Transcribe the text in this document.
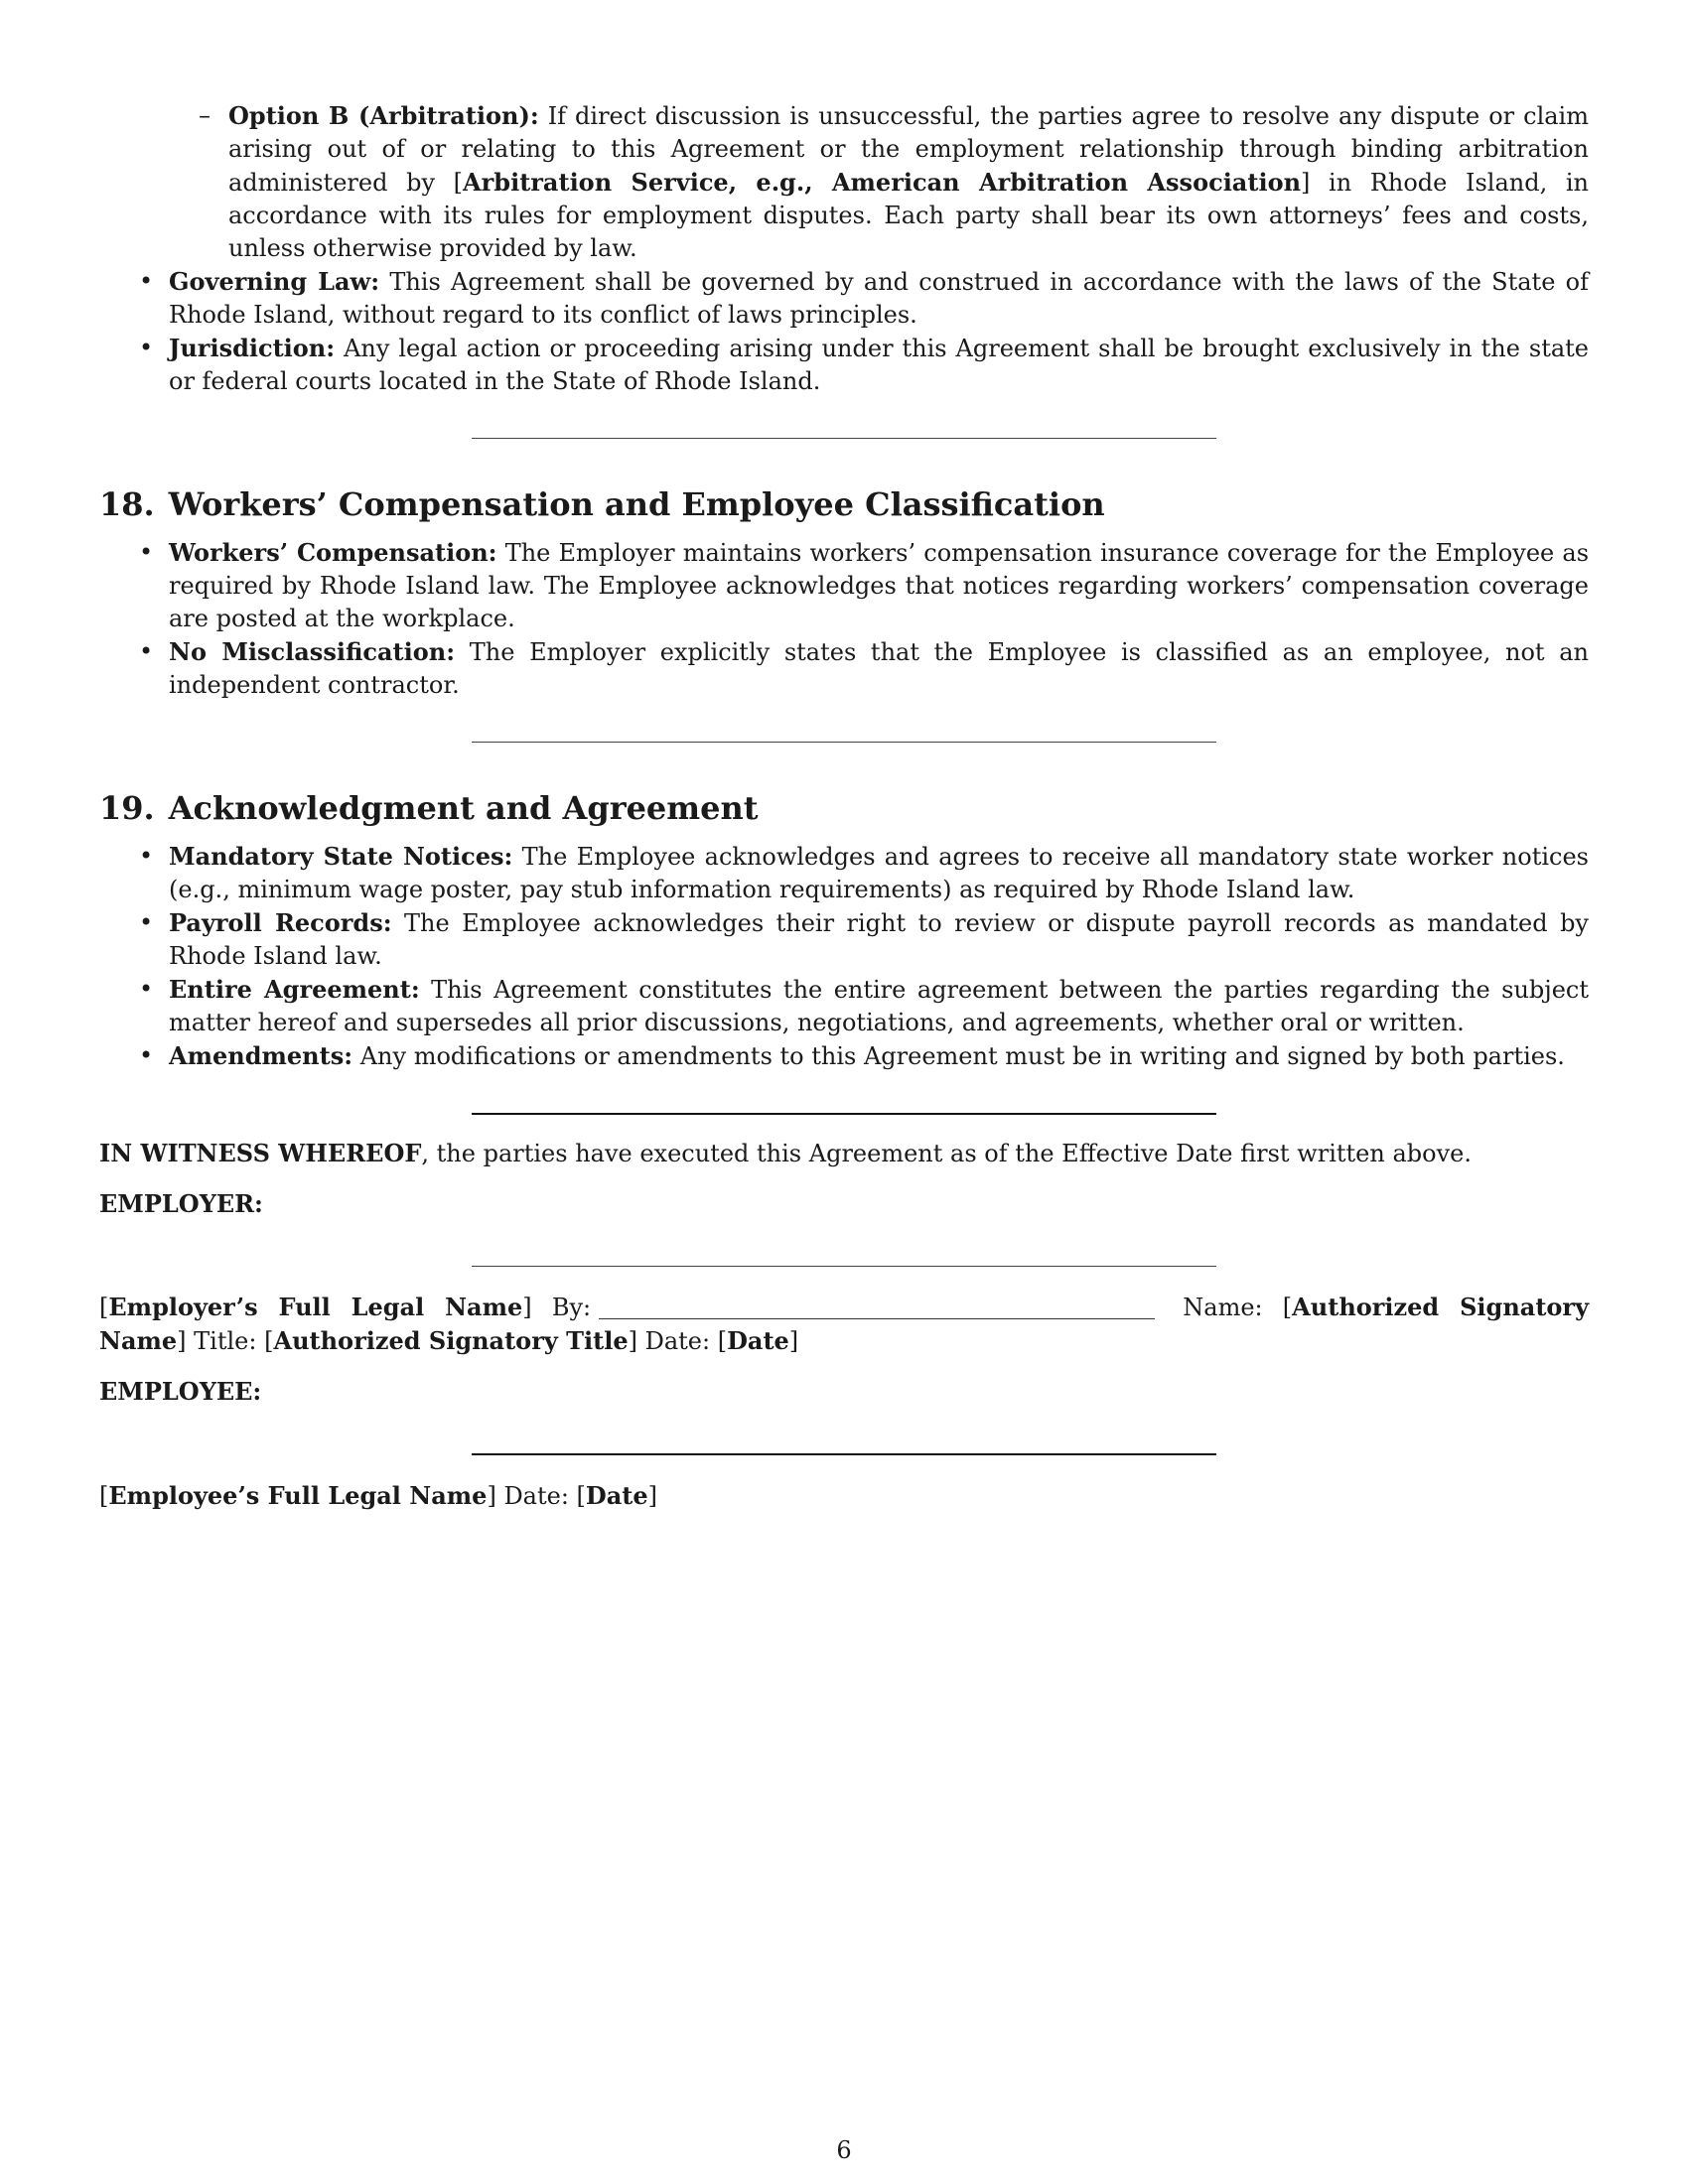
– Option B (Arbitration): If direct discussion is unsuccessful, the parties agree to resolve any dispute or claim arising out of or relating to this Agreement or the employment relationship through binding arbitration administered by [Arbitration Service, e.g., American Arbitration Association] in Rhode Island, in accordance with its rules for employment disputes. Each party shall bear its own attorneys’ fees and costs, unless otherwise provided by law.
• Governing Law: This Agreement shall be governed by and construed in accordance with the laws of the State of Rhode Island, without regard to its conflict of laws principles.
• Jurisdiction: Any legal action or proceeding arising under this Agreement shall be brought exclusively in the state or federal courts located in the State of Rhode Island.
18. Workers’ Compensation and Employee Classification
• Workers’ Compensation: The Employer maintains workers’ compensation insurance coverage for the Employee as required by Rhode Island law. The Employee acknowledges that notices regarding workers’ compensation coverage are posted at the workplace.
• No Misclassification: The Employer explicitly states that the Employee is classified as an employee, not an independent contractor.
19. Acknowledgment and Agreement
• Mandatory State Notices: The Employee acknowledges and agrees to receive all mandatory state worker notices (e.g., minimum wage poster, pay stub information requirements) as required by Rhode Island law.
• Payroll Records: The Employee acknowledges their right to review or dispute payroll records as mandated by Rhode Island law.
• Entire Agreement: This Agreement constitutes the entire agreement between the parties regarding the subject matter hereof and supersedes all prior discussions, negotiations, and agreements, whether oral or written.
• Amendments: Any modifications or amendments to this Agreement must be in writing and signed by both parties.
IN WITNESS WHEREOF, the parties have executed this Agreement as of the Effective Date first written above.
EMPLOYER:
[Employer’s Full Legal Name] By:	Name: [Authorized Signatory Name] Title: [Authorized Signatory Title] Date: [Date]
EMPLOYEE:
[Employee’s Full Legal Name] Date: [Date]
6
